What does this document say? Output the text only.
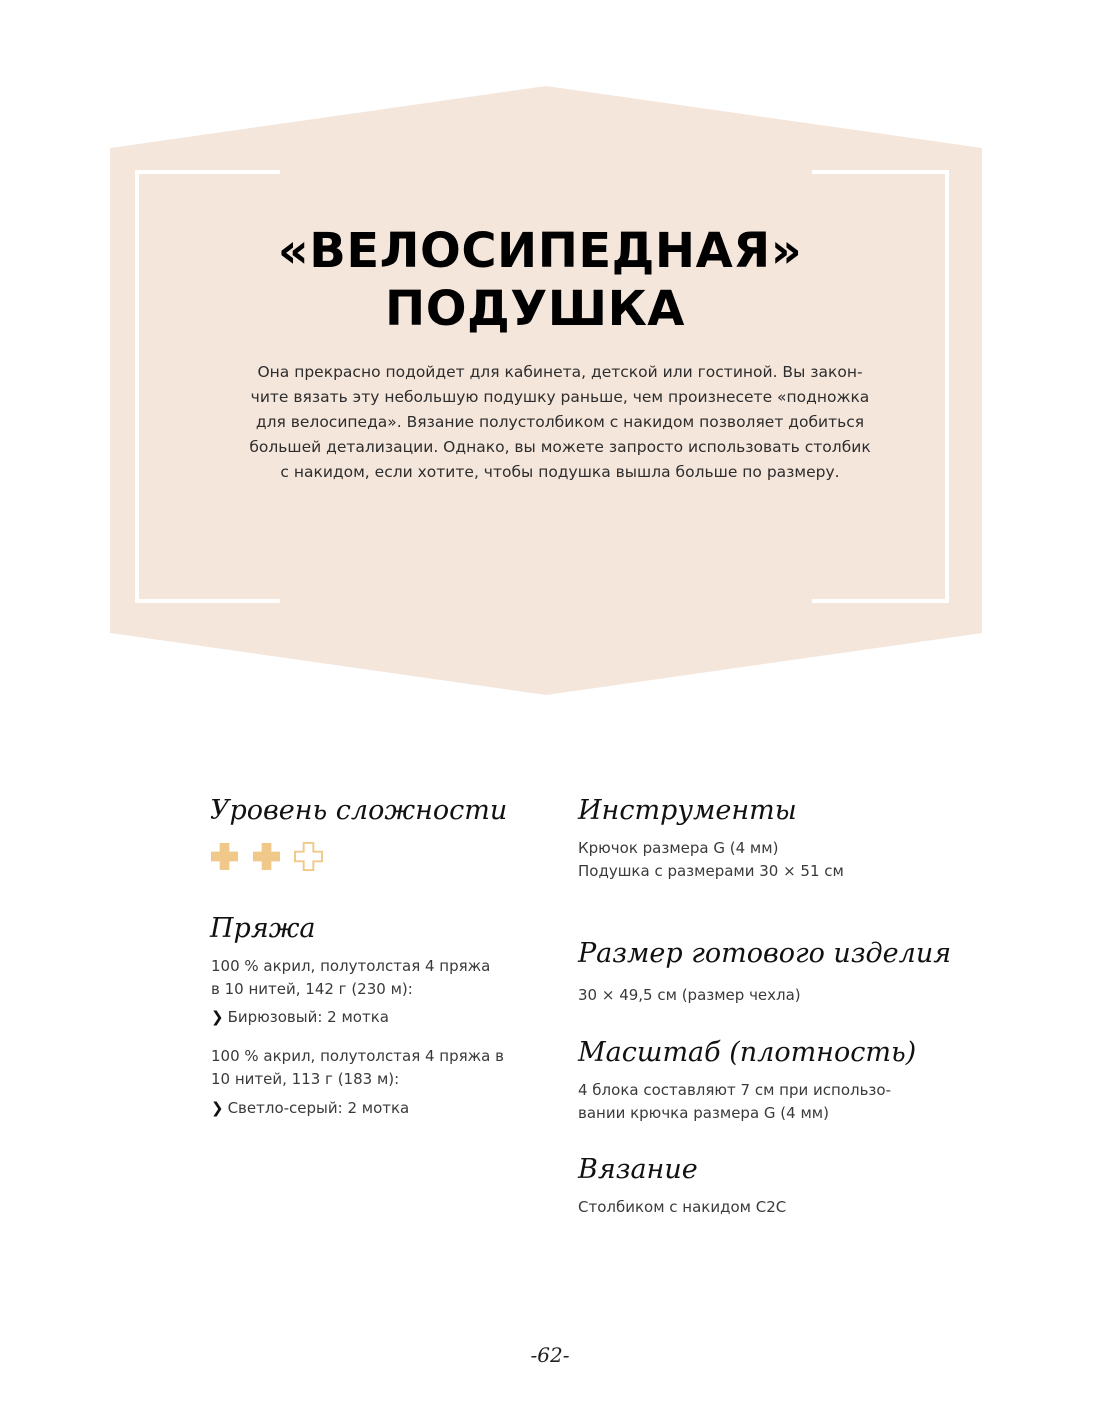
«ВЕЛОСИПЕДНАЯ»
ПОДУШКА

Она прекрасно подойдет для кабинета, детской или гостиной. Вы закон-
чите вязать эту небольшую подушку раньше, чем произнесете «подножка
для велосипеда». Вязание полустолбиком с накидом позволяет добиться
большей детализации. Однако, вы можете запросто использовать столбик
с накидом, если хотите, чтобы подушка вышла больше по размеру.

Уровень сложности
Пряжа

100 % акрил, полутолстая 4 пряжа

в 10 нитей, 142 г (230 м):

❯ Бирюзовый: 2 мотка

100 % акрил, полутолстая 4 пряжа в

10 нитей, 113 г (183 м):

❯ Светло-серый: 2 мотка

Инструменты

Крючок размера G (4 мм)

Подушка с размерами 30 × 51 см

Размер готового изделия

30 × 49,5 см (размер чехла)

Масштаб (плотность)

4 блока составляют 7 см при использо-

вании крючка размера G (4 мм)

Вязание

Столбиком с накидом C2C

-62-
